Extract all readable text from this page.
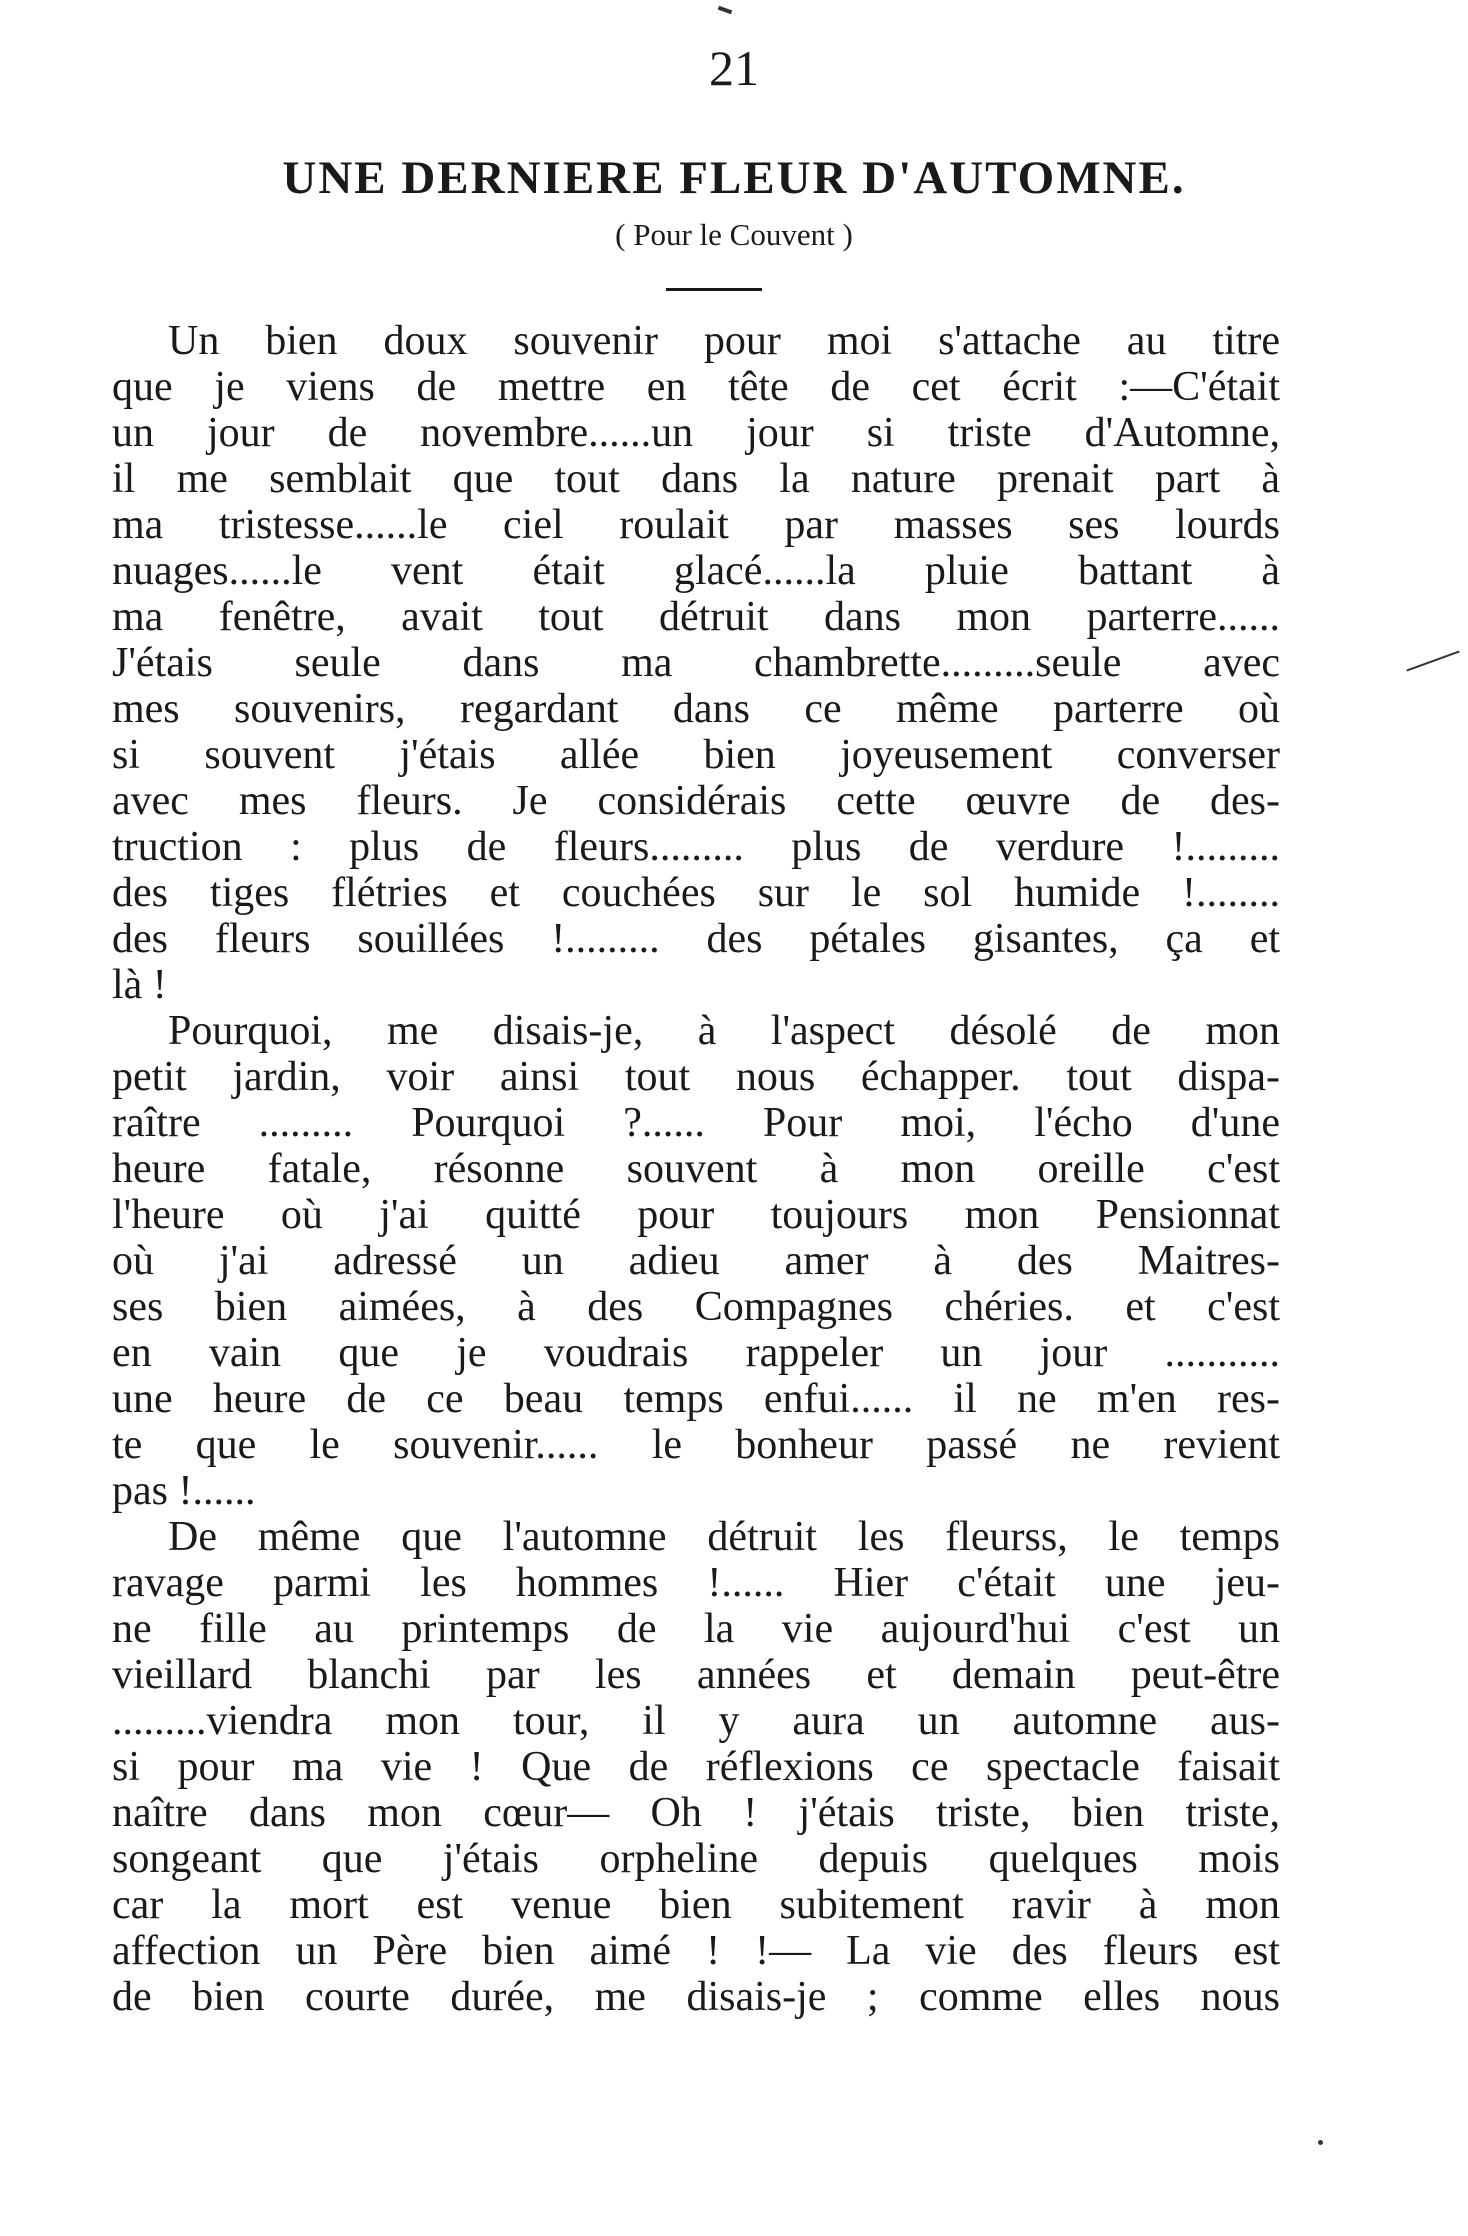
21
UNE DERNIERE FLEUR D'AUTOMNE.
( Pour le Couvent )
Un bien doux souvenir pour moi s'attache au titre
que je viens de mettre en tête de cet écrit :—C'était
un jour de novembre......un jour si triste d'Automne,
il me semblait que tout dans la nature prenait part à
ma tristesse......le ciel roulait par masses ses lourds
nuages......le vent était glacé......la pluie battant à
ma fenêtre, avait tout détruit dans mon parterre......
J'étais seule dans ma chambrette.........seule avec
mes souvenirs, regardant dans ce même parterre où
si souvent j'étais allée bien joyeusement converser
avec mes fleurs. Je considérais cette œuvre de des-
truction : plus de fleurs......... plus de verdure !.........
des tiges flétries et couchées sur le sol humide !........
des fleurs souillées !......... des pétales gisantes, ça et
là !
Pourquoi, me disais-je, à l'aspect désolé de mon
petit jardin, voir ainsi tout nous échapper. tout dispa-
raître ......... Pourquoi ?...... Pour moi, l'écho d'une
heure fatale, résonne souvent à mon oreille c'est
l'heure où j'ai quitté pour toujours mon Pensionnat
où j'ai adressé un adieu amer à des Maitres-
ses bien aimées, à des Compagnes chéries. et c'est
en vain que je voudrais rappeler un jour ...........
une heure de ce beau temps enfui...... il ne m'en res-
te que le souvenir...... le bonheur passé ne revient
pas !......
De même que l'automne détruit les fleurss, le temps
ravage parmi les hommes !...... Hier c'était une jeu-
ne fille au printemps de la vie aujourd'hui c'est un
vieillard blanchi par les années et demain peut-être
.........viendra mon tour, il y aura un automne aus-
si pour ma vie ! Que de réflexions ce spectacle faisait
naître dans mon cœur— Oh ! j'étais triste, bien triste,
songeant que j'étais orpheline depuis quelques mois
car la mort est venue bien subitement ravir à mon
affection un Père bien aimé ! !— La vie des fleurs est
de bien courte durée, me disais-je ; comme elles nous
